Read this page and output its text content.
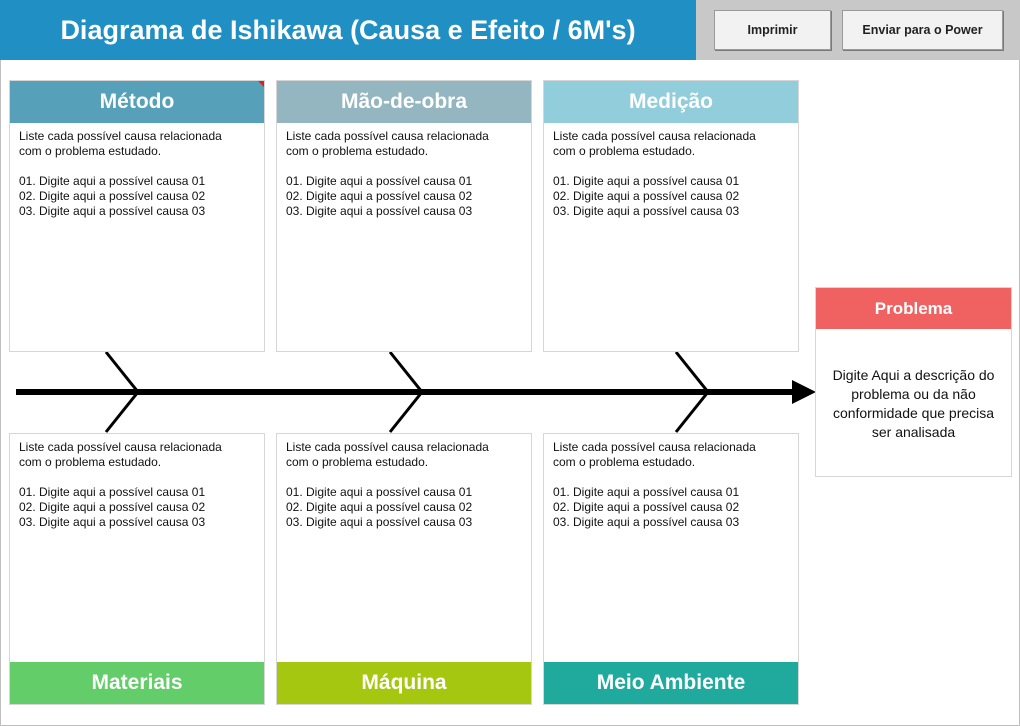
Diagrama de Ishikawa (Causa e Efeito / 6M's)	Imprimir	Enviar para o Power
Método

Liste cada possível causa relacionada

com o problema estudado.

01. Digite aqui a possível causa 01

02. Digite aqui a possível causa 02

03. Digite aqui a possível causa 03

Mão-de-obra

Liste cada possível causa relacionada

com o problema estudado.

01. Digite aqui a possível causa 01

02. Digite aqui a possível causa 02

03. Digite aqui a possível causa 03

Medição

Liste cada possível causa relacionada

com o problema estudado.

01. Digite aqui a possível causa 01

02. Digite aqui a possível causa 02

03. Digite aqui a possível causa 03

Liste cada possível causa relacionada

com o problema estudado.

01. Digite aqui a possível causa 01

02. Digite aqui a possível causa 02

03. Digite aqui a possível causa 03

Materiais

Liste cada possível causa relacionada

com o problema estudado.

01. Digite aqui a possível causa 01

02. Digite aqui a possível causa 02

03. Digite aqui a possível causa 03

Máquina

Liste cada possível causa relacionada

com o problema estudado.

01. Digite aqui a possível causa 01

02. Digite aqui a possível causa 02

03. Digite aqui a possível causa 03

Meio Ambiente
Problema
Digite Aqui a descrição do problema ou da não conformidade que precisa ser analisada
